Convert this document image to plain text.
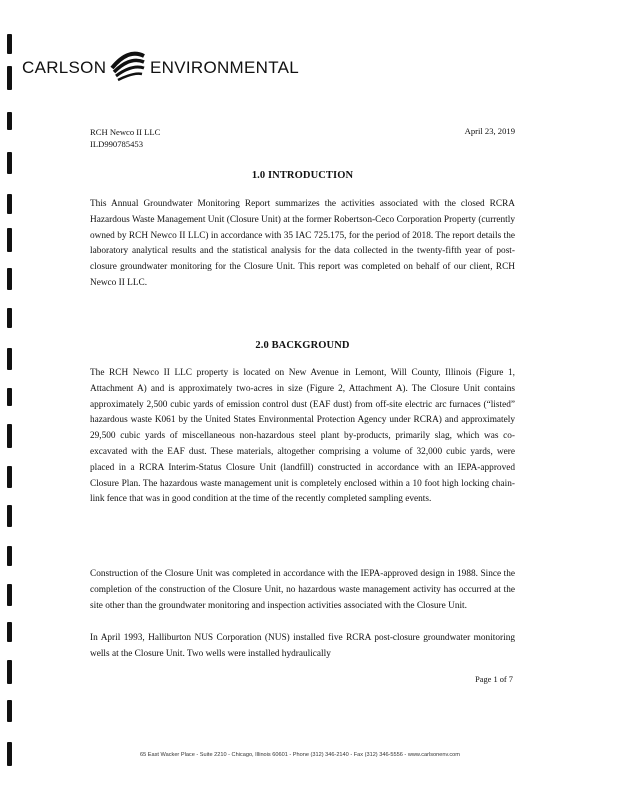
CARLSON	ENVIRONMENTAL
RCH Newco II LLC
ILD990785453
April 23, 2019
1.0 INTRODUCTION

This Annual Groundwater Monitoring Report summarizes the activities associated with the closed RCRA Hazardous Waste Management Unit (Closure Unit) at the former Robertson-Ceco Corporation Property (currently owned by RCH Newco II LLC) in accordance with 35 IAC 725.175, for the period of 2018. The report details the laboratory analytical results and the statistical analysis for the data collected in the twenty-fifth year of post-closure groundwater monitoring for the Closure Unit. This report was completed on behalf of our client, RCH Newco II LLC.

2.0 BACKGROUND

The RCH Newco II LLC property is located on New Avenue in Lemont, Will County, Illinois (Figure 1, Attachment A) and is approximately two-acres in size (Figure 2, Attachment A). The Closure Unit contains approximately 2,500 cubic yards of emission control dust (EAF dust) from off-site electric arc furnaces (“listed” hazardous waste K061 by the United States Environmental Protection Agency under RCRA) and approximately 29,500 cubic yards of miscellaneous non-hazardous steel plant by-products, primarily slag, which was co-excavated with the EAF dust. These materials, altogether comprising a volume of 32,000 cubic yards, were placed in a RCRA Interim-Status Closure Unit (landfill) constructed in accordance with an IEPA-approved Closure Plan. The hazardous waste management unit is completely enclosed within a 10 foot high locking chain-link fence that was in good condition at the time of the recently completed sampling events.

Construction of the Closure Unit was completed in accordance with the IEPA-approved design in 1988. Since the completion of the construction of the Closure Unit, no hazardous waste management activity has occurred at the site other than the groundwater monitoring and inspection activities associated with the Closure Unit.

In April 1993, Halliburton NUS Corporation (NUS) installed five RCRA post-closure groundwater monitoring wells at the Closure Unit. Two wells were installed hydraulically

Page 1 of 7
65 East Wacker Place - Suite 2210 - Chicago, Illinois 60601 - Phone (312) 346-2140 - Fax (312) 346-5556 - www.carlsonenv.com
